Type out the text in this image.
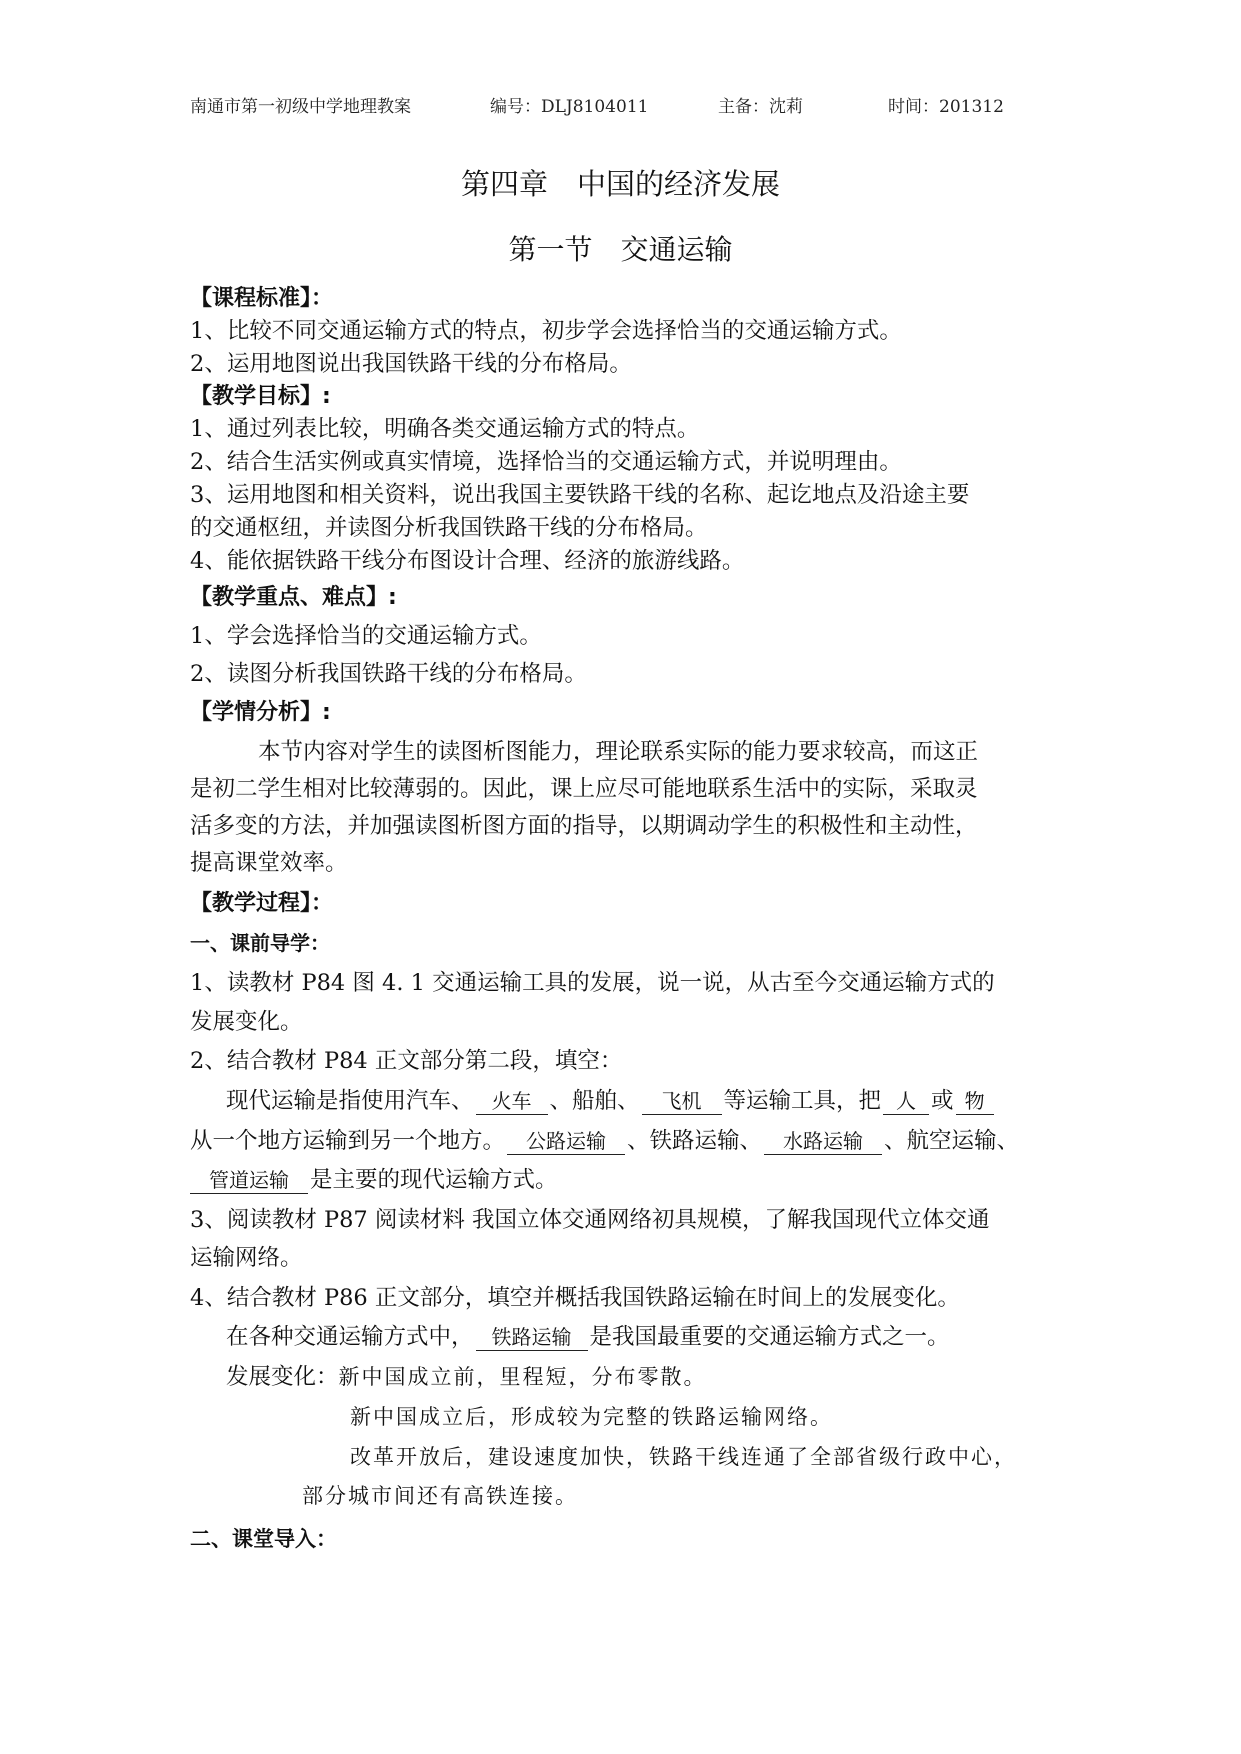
南通市第一初级中学地理教案	编号：DLJ8104011	主备：沈莉	时间：201312
第四章　中国的经济发展
第一节　交通运输
【课程标准】：
1、比较不同交通运输方式的特点，初步学会选择恰当的交通运输方式。
2、运用地图说出我国铁路干线的分布格局。
【教学目标】:
1、通过列表比较，明确各类交通运输方式的特点。
2、结合生活实例或真实情境，选择恰当的交通运输方式，并说明理由。
3、运用地图和相关资料，说出我国主要铁路干线的名称、起讫地点及沿途主要
的交通枢纽，并读图分析我国铁路干线的分布格局。
4、能依据铁路干线分布图设计合理、经济的旅游线路。
【教学重点、难点】:
1、学会选择恰当的交通运输方式。
2、读图分析我国铁路干线的分布格局。
【学情分析】:
本节内容对学生的读图析图能力，理论联系实际的能力要求较高，而这正
是初二学生相对比较薄弱的。因此，课上应尽可能地联系生活中的实际，采取灵
活多变的方法，并加强读图析图方面的指导，以期调动学生的积极性和主动性，
提高课堂效率。
【教学过程】：
一、课前导学：
1、读教材 P84 图 4. 1 交通运输工具的发展，说一说，从古至今交通运输方式的
发展变化。
2、结合教材 P84 正文部分第二段，填空：
现代运输是指使用汽车、 火车 、船舶、 飞机 等运输工具，把 人 或 物
从一个地方运输到另一个地方。 公路运输 、铁路运输、 水路运输 、航空运输、
管道运输 是主要的现代运输方式。
3、阅读教材 P87 阅读材料 我国立体交通网络初具规模，了解我国现代立体交通
运输网络。
4、结合教材 P86 正文部分，填空并概括我国铁路运输在时间上的发展变化。
在各种交通运输方式中， 铁路运输 是我国最重要的交通运输方式之一。
发展变化：新中国成立前，里程短，分布零散。
新中国成立后，形成较为完整的铁路运输网络。
改革开放后，建设速度加快，铁路干线连通了全部省级行政中心，
部分城市间还有高铁连接。
二、课堂导入：
